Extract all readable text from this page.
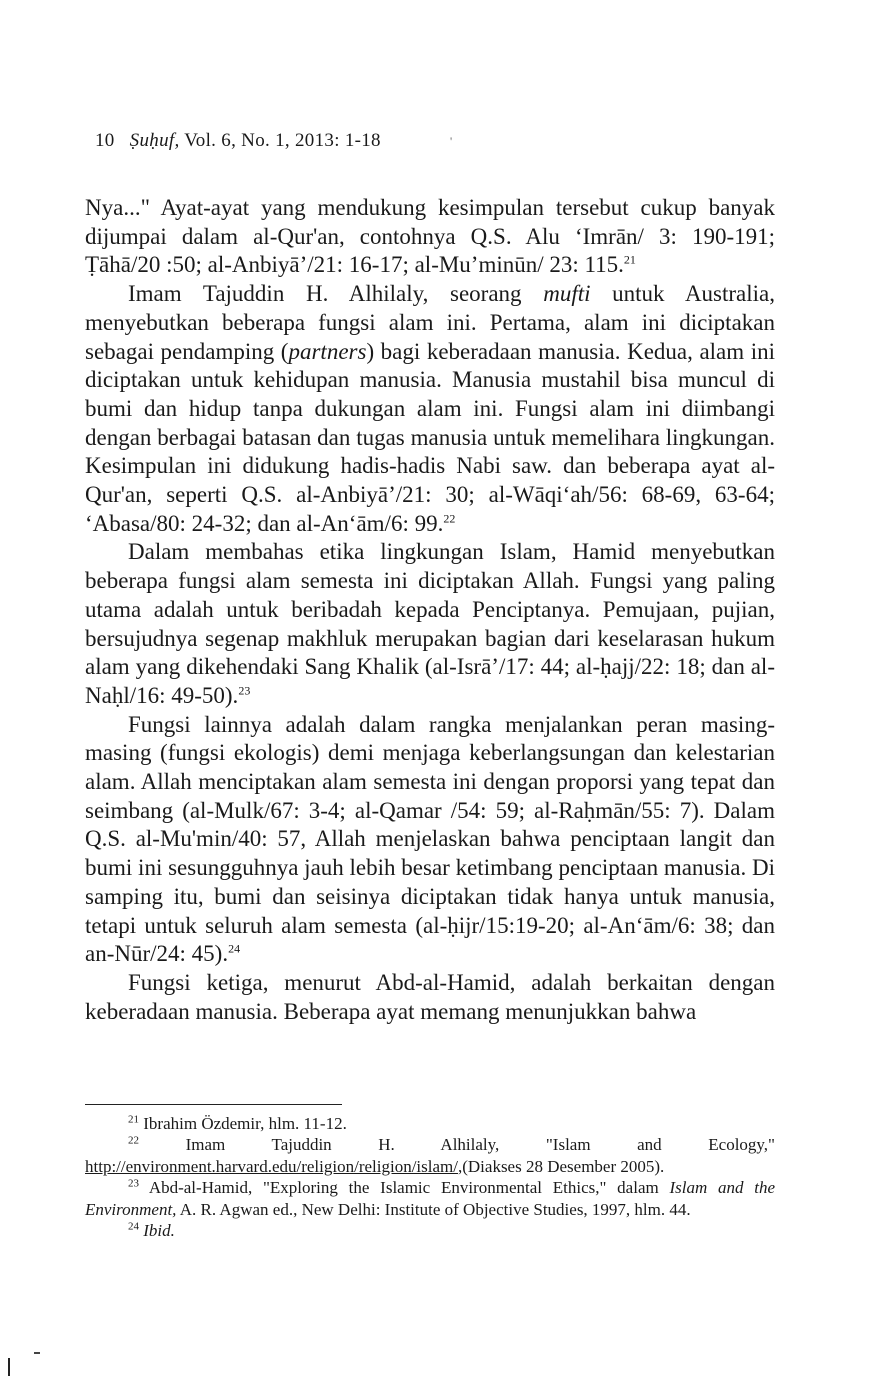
10 Ṣuḥuf, Vol. 6, No. 1, 2013: 1-18	'

Nya..." Ayat-ayat yang mendukung kesimpulan tersebut cukup banyak dijumpai dalam al-Qur'an, contohnya Q.S. Alu ‘Imrān/ 3: 190-191; Ṭāhā/20 :50; al-Anbiyā’/21: 16-17; al-Mu’minūn/ 23: 115.21

Imam Tajuddin H. Alhilaly, seorang mufti untuk Australia, menyebutkan beberapa fungsi alam ini. Pertama, alam ini diciptakan sebagai pendamping (partners) bagi keberadaan manusia. Kedua, alam ini diciptakan untuk kehidupan manusia. Manusia mustahil bisa muncul di bumi dan hidup tanpa dukungan alam ini. Fungsi alam ini diimbangi dengan berbagai batasan dan tugas manusia untuk memelihara lingkungan. Kesimpulan ini didukung hadis-hadis Nabi saw. dan beberapa ayat al-Qur'an, seperti Q.S. al-Anbiyā’/21: 30; al-Wāqi‘ah/56: 68-69, 63-64; ‘Abasa/80: 24-32; dan al-An‘ām/6: 99.22

Dalam membahas etika lingkungan Islam, Hamid menyebutkan beberapa fungsi alam semesta ini diciptakan Allah. Fungsi yang paling utama adalah untuk beribadah kepada Penciptanya. Pemujaan, pujian, bersujudnya segenap makhluk merupakan bagian dari keselarasan hukum alam yang dikehendaki Sang Khalik (al-Isrā’/17: 44; al-ḥajj/22: 18; dan al-Naḥl/16: 49-50).$^{23}$

Fungsi lainnya adalah dalam rangka menjalankan peran masing-masing (fungsi ekologis) demi menjaga keberlangsungan dan kelestarian alam. Allah menciptakan alam semesta ini dengan proporsi yang tepat dan seimbang (al-Mulk/67: 3-4; al-Qamar /54: 59; al-Raḥmān/55: 7). Dalam Q.S. al-Mu'min/40: 57, Allah menjelaskan bahwa penciptaan langit dan bumi ini sesungguhnya jauh lebih besar ketimbang penciptaan manusia. Di samping itu, bumi dan seisinya diciptakan tidak hanya untuk manusia, tetapi untuk seluruh alam semesta (al-ḥijr/15:19-20; al-An‘ām/6: 38; dan an-Nūr/24: 45).$^{24}$

Fungsi ketiga, menurut Abd-al-Hamid, adalah berkaitan dengan keberadaan manusia. Beberapa ayat memang menunjukkan bahwa

$^{21}$ Ibrahim Özdemir, hlm. 11-12.

$^{22}$	Imam Tajuddin H. Alhilaly, "Islam and Ecology," http://environment.harvard.edu/religion/religion/islam/,(Diakses 28 Desember 2005).

$^{23}$ Abd-al-Hamid, "Exploring the Islamic Environmental Ethics," dalam Islam and the Environment, A. R. Agwan ed., New Delhi: Institute of Objective Studies, 1997, hlm. 44.

$^{24}$ Ibid.
